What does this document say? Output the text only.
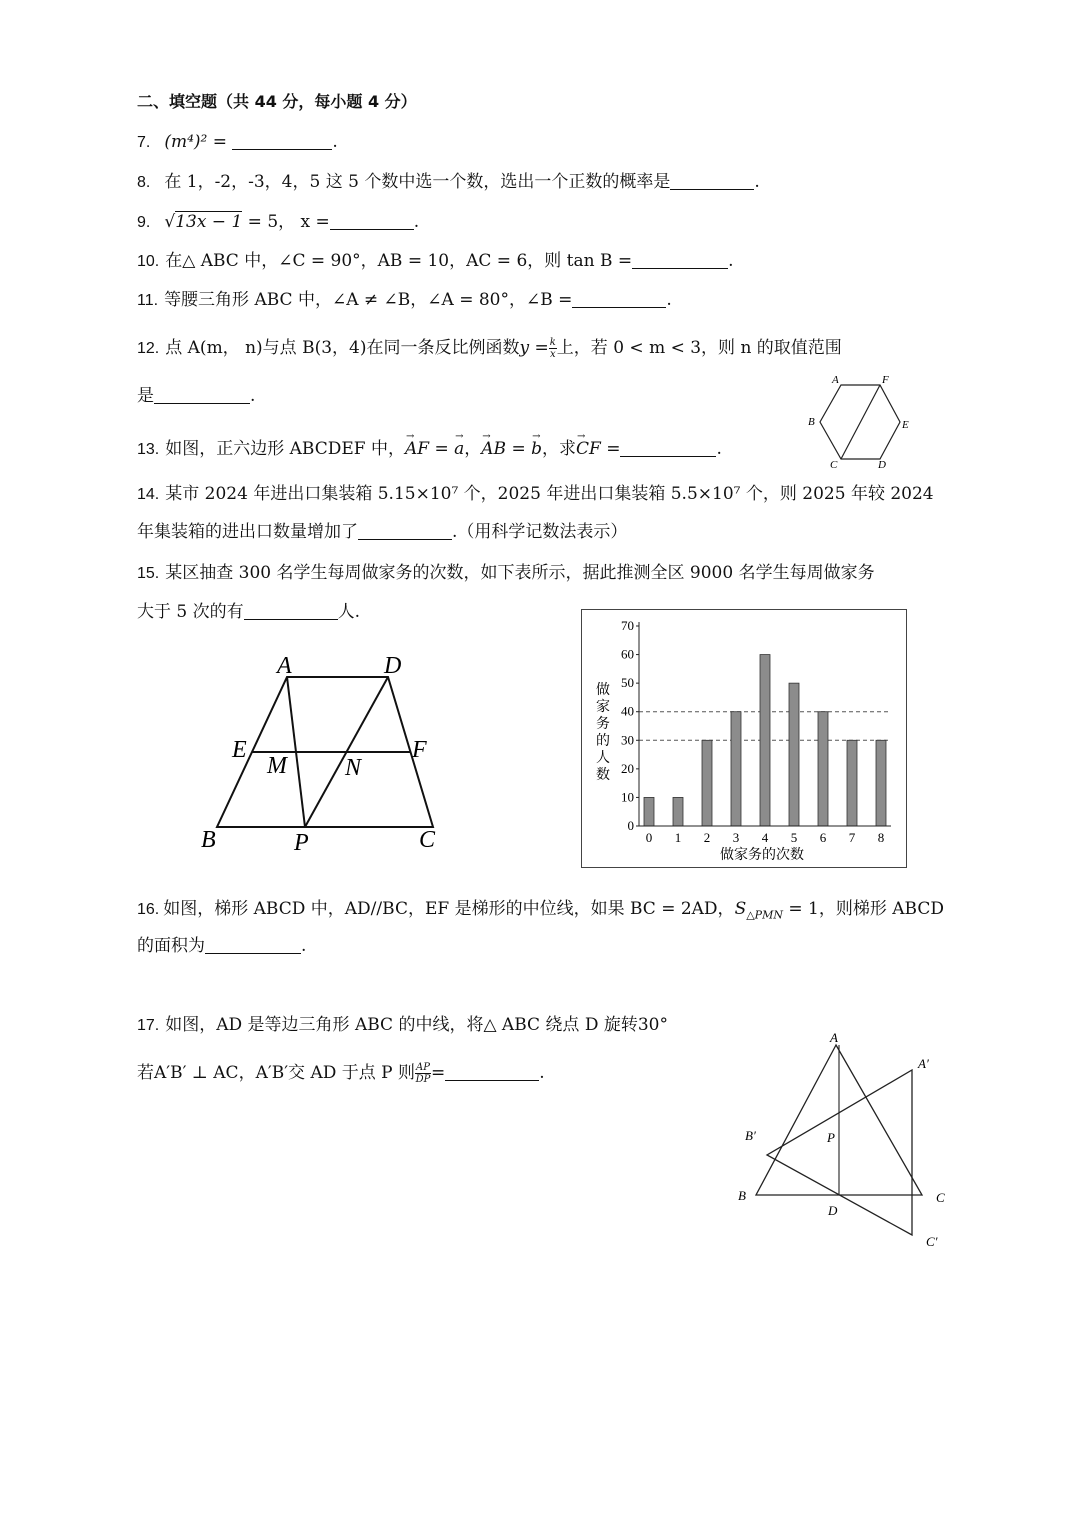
二、填空题（共 44 分，每小题 4 分）
7. (m⁴)² =	.
8. 在 1，-2，-3，4，5 这 5 个数中选一个数，选出一个正数的概率是	.
9. √13x − 1 = 5， x =	.
10. 在△ ABC 中，∠C = 90°，AB = 10，AC = 6，则 tan B =	.
11. 等腰三角形 ABC 中，∠A ≠ ∠B，∠A = 80°，∠B =	.
12. 点 A(m， n)与点 B(3，4)在同一条反比例函数$y = \frac{k}{x}$ 上，若 0 < m < 3，则 n 的取值范围
是	.
A	F
B	E
C	D
13. 如图，正六边形 ABCDEF 中，→ AF = → a，→ AB = → b，求→ CF =	.
14. 某市 2024 年进出口集装箱 5.15×10⁷ 个，2025 年进出口集装箱 5.5×10⁷ 个，则 2025 年较 2024
年集装箱的进出口数量增加了	.（用科学记数法表示）
15. 某区抽查 300 名学生每周做家务的次数，如下表所示，据此推测全区 9000 名学生每周做家务
大于 5 次的有	人.
A	D
E
M N
F
B	P	C	0 1 2 3 4 5 6 7 8
0
10
20
30
40
50
60
70
做家务的人数
做家务的次数
16. 如图，梯形 ABCD 中，AD//BC，EF 是梯形的中位线，如果 BC = 2AD，$S_{\triangle PMN} = 1$，则梯形 ABCD
的面积为	.
17. 如图，AD 是等边三角形 ABC 的中线，将△ ABC 绕点 D 旋转30°
若A′B′ ⊥ AC，A′B′交 AD 于点 P 则 $\frac{AP}{DP}$ =	.
A
A′
B′	P
B
D
C
C′
